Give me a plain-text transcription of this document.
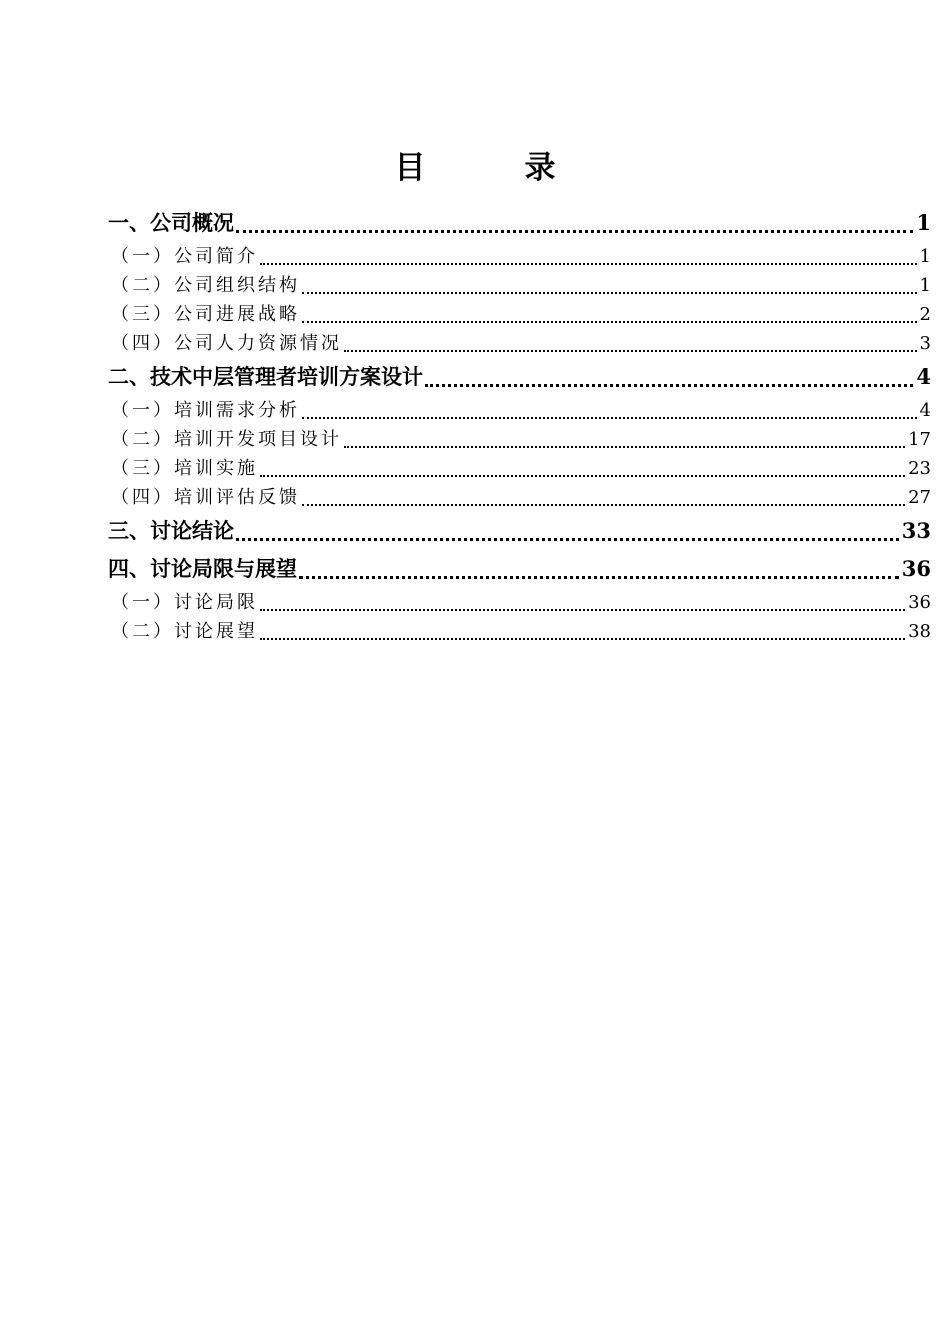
目　录
一、公司概况	1
（一）公司简介	1
（二）公司组织结构	1
（三）公司进展战略	2
（四）公司人力资源情况	3
二、技术中层管理者培训方案设计	4
（一）培训需求分析	4
（二）培训开发项目设计	17
（三）培训实施	23
（四）培训评估反馈	27
三、讨论结论	33
四、讨论局限与展望	36
（一）讨论局限	36
（二）讨论展望	38
